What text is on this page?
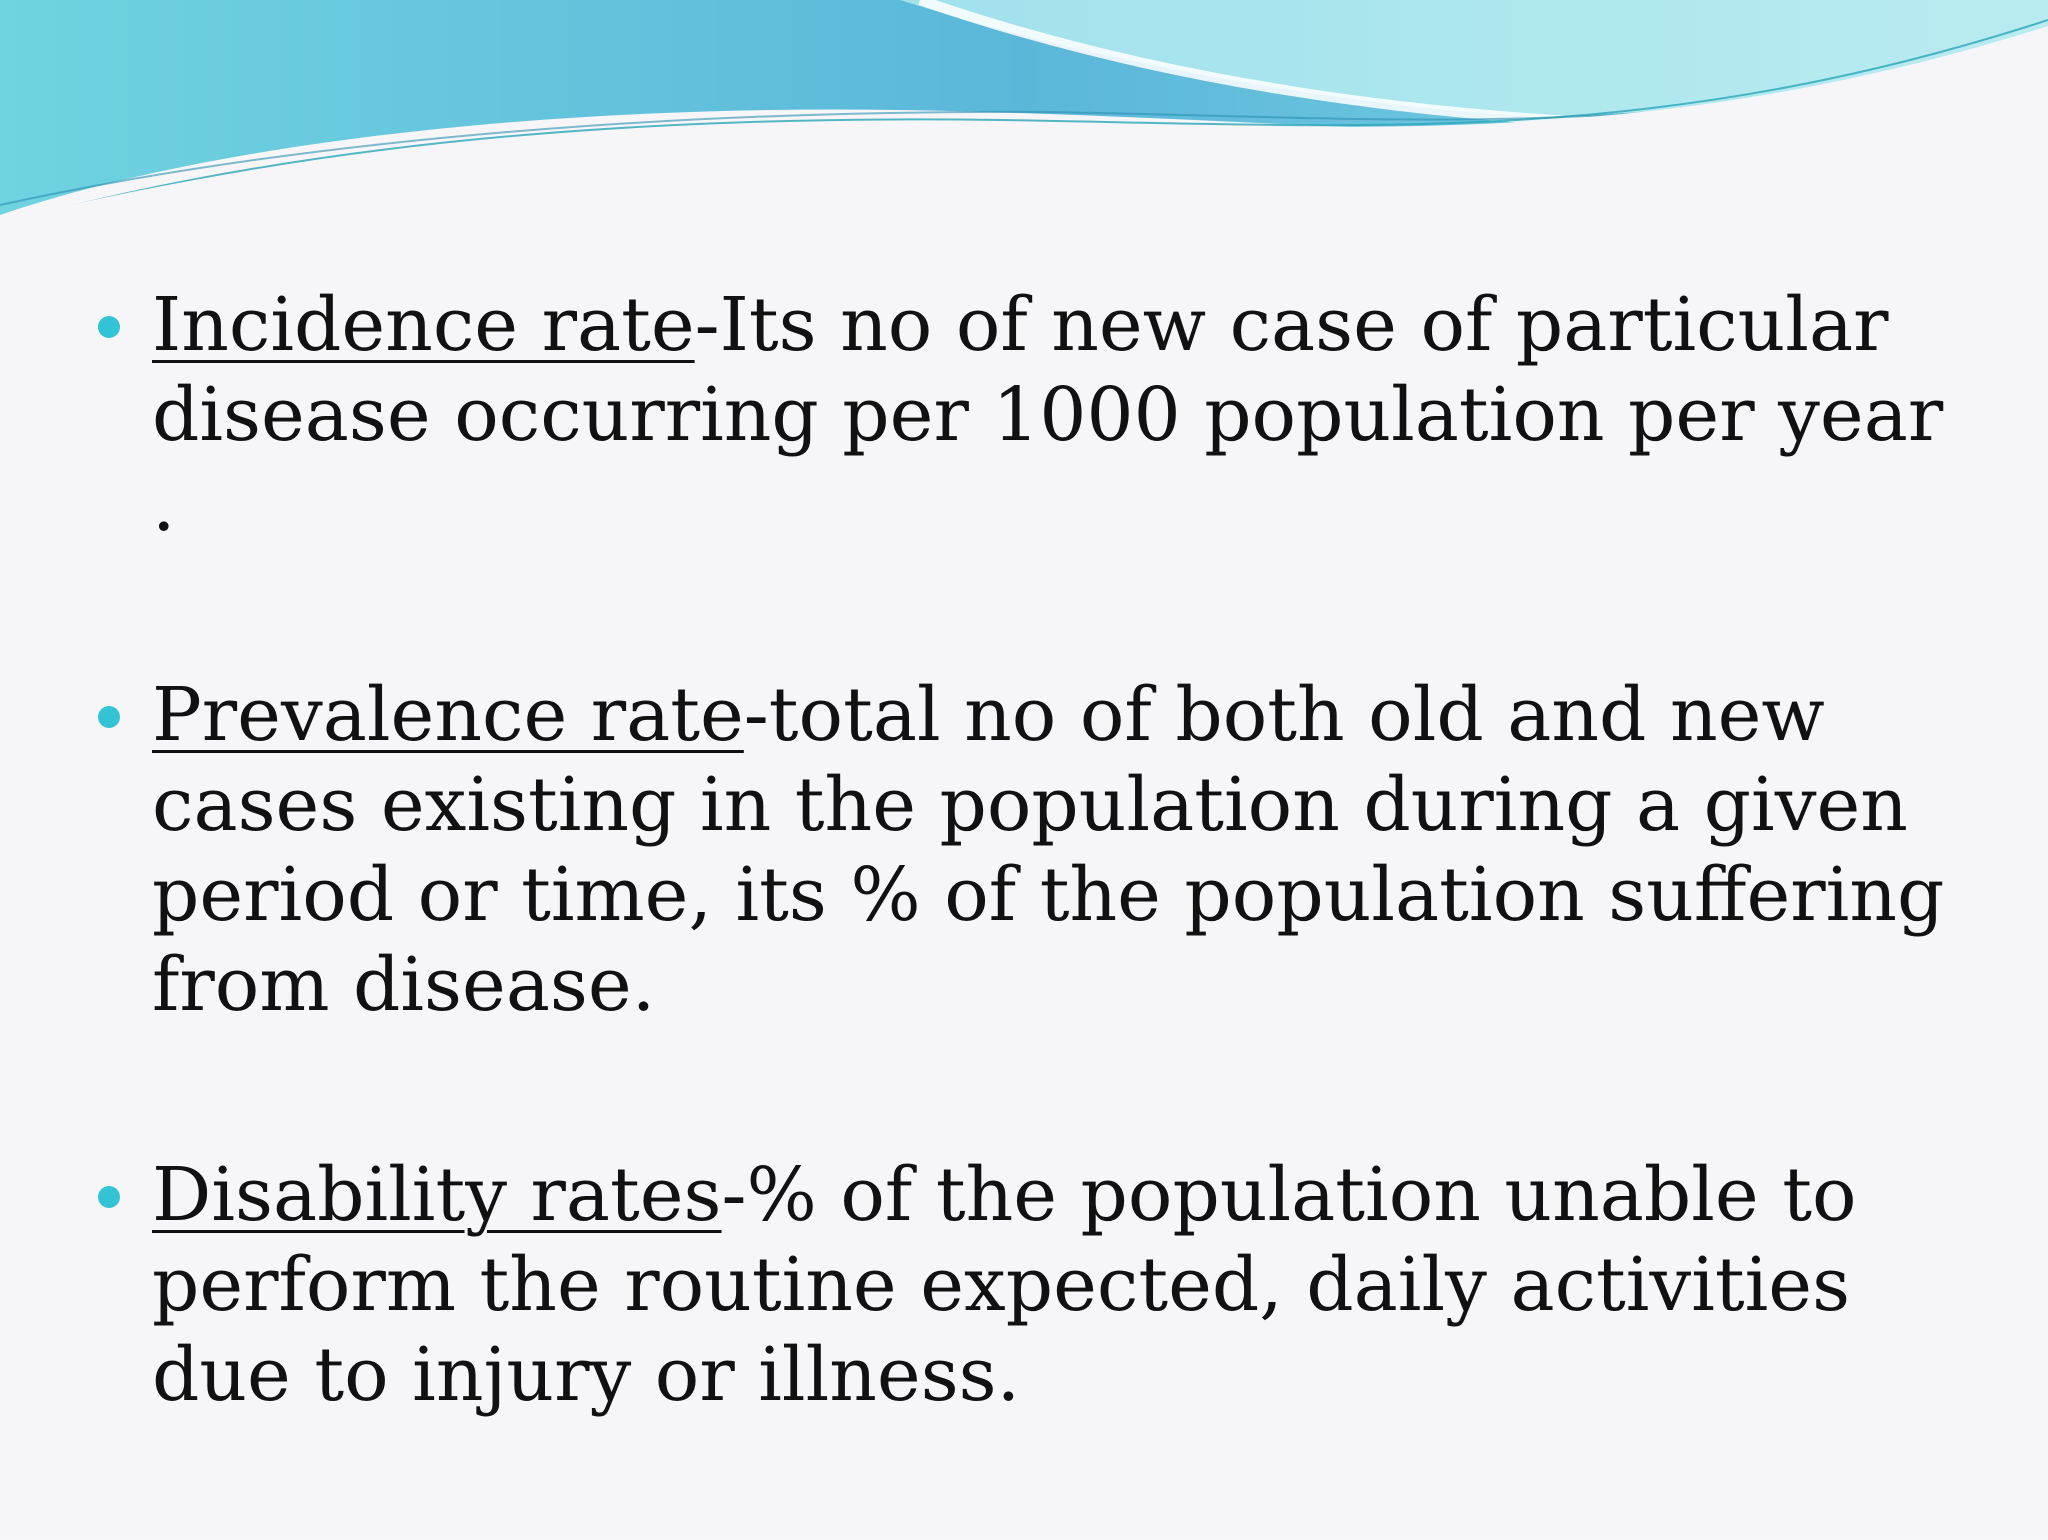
Incidence rate-Its no of new case of particular disease occurring per 1000 population per year .
Prevalence rate-total no of both old and new cases existing in the population during a given period or time, its % of the population suffering from disease.
Disability rates-% of the population unable to perform the routine expected, daily activities due to injury or illness.
